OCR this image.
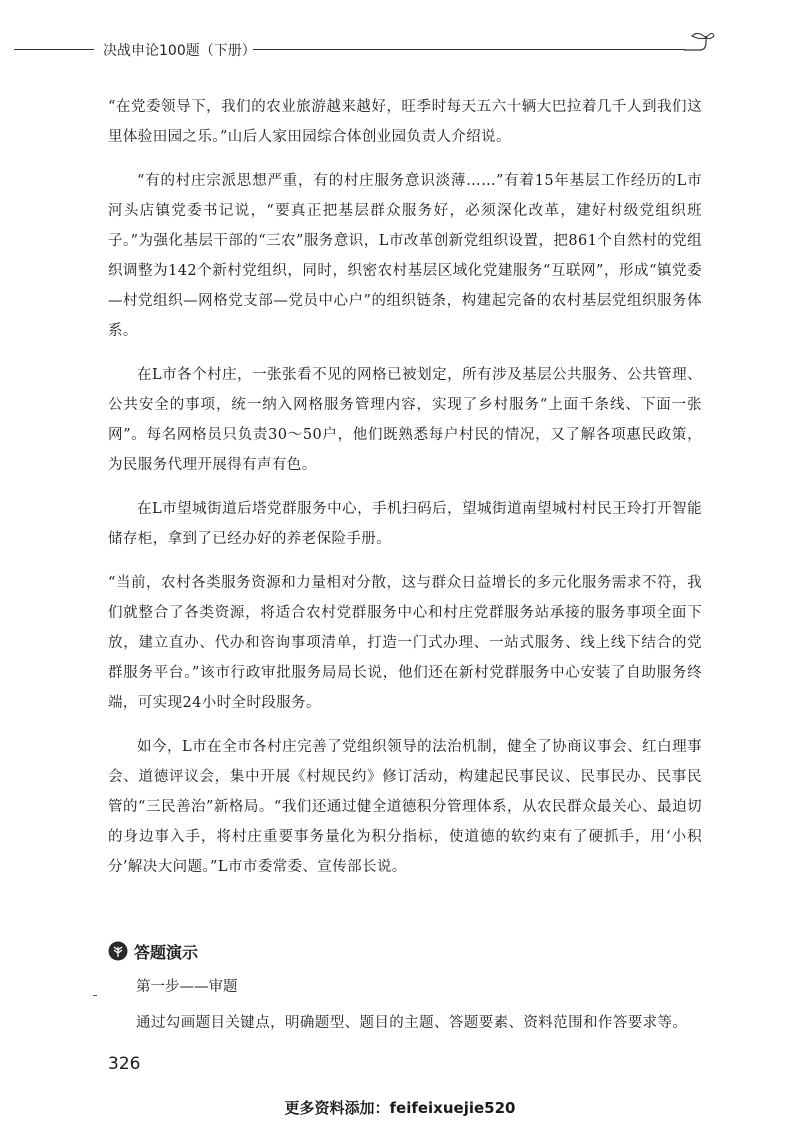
决战申论100题（下册）

“在党委领导下，我们的农业旅游越来越好，旺季时每天五六十辆大巴拉着几千人到我们这里体验田园之乐。”山后人家田园综合体创业园负责人介绍说。

“有的村庄宗派思想严重，有的村庄服务意识淡薄……”有着15年基层工作经历的L市河头店镇党委书记说，“要真正把基层群众服务好，必须深化改革，建好村级党组织班子。”为强化基层干部的“三农”服务意识，L市改革创新党组织设置，把861个自然村的党组织调整为142个新村党组织，同时，织密农村基层区域化党建服务“互联网”，形成“镇党委—村党组织—网格党支部—党员中心户”的组织链条，构建起完备的农村基层党组织服务体系。

在L市各个村庄，一张张看不见的网格已被划定，所有涉及基层公共服务、公共管理、公共安全的事项，统一纳入网格服务管理内容，实现了乡村服务“上面千条线、下面一张网”。每名网格员只负责30～50户，他们既熟悉每户村民的情况，又了解各项惠民政策，为民服务代理开展得有声有色。

在L市望城街道后塔党群服务中心，手机扫码后，望城街道南望城村村民王玲打开智能储存柜，拿到了已经办好的养老保险手册。

“当前，农村各类服务资源和力量相对分散，这与群众日益增长的多元化服务需求不符，我们就整合了各类资源，将适合农村党群服务中心和村庄党群服务站承接的服务事项全面下放，建立直办、代办和咨询事项清单，打造一门式办理、一站式服务、线上线下结合的党群服务平台。”该市行政审批服务局局长说，他们还在新村党群服务中心安装了自助服务终端，可实现24小时全时段服务。

如今，L市在全市各村庄完善了党组织领导的法治机制，健全了协商议事会、红白理事会、道德评议会，集中开展《村规民约》修订活动，构建起民事民议、民事民办、民事民管的“三民善治”新格局。“我们还通过健全道德积分管理体系，从农民群众最关心、最迫切的身边事入手，将村庄重要事务量化为积分指标，使道德的软约束有了硬抓手，用‘小积分’解决大问题。”L市市委常委、宣传部长说。

答题演示
第一步——审题
通过勾画题目关键点，明确题型、题目的主题、答题要素、资料范围和作答要求等。
326
更多资料添加：feifeixuejie520
